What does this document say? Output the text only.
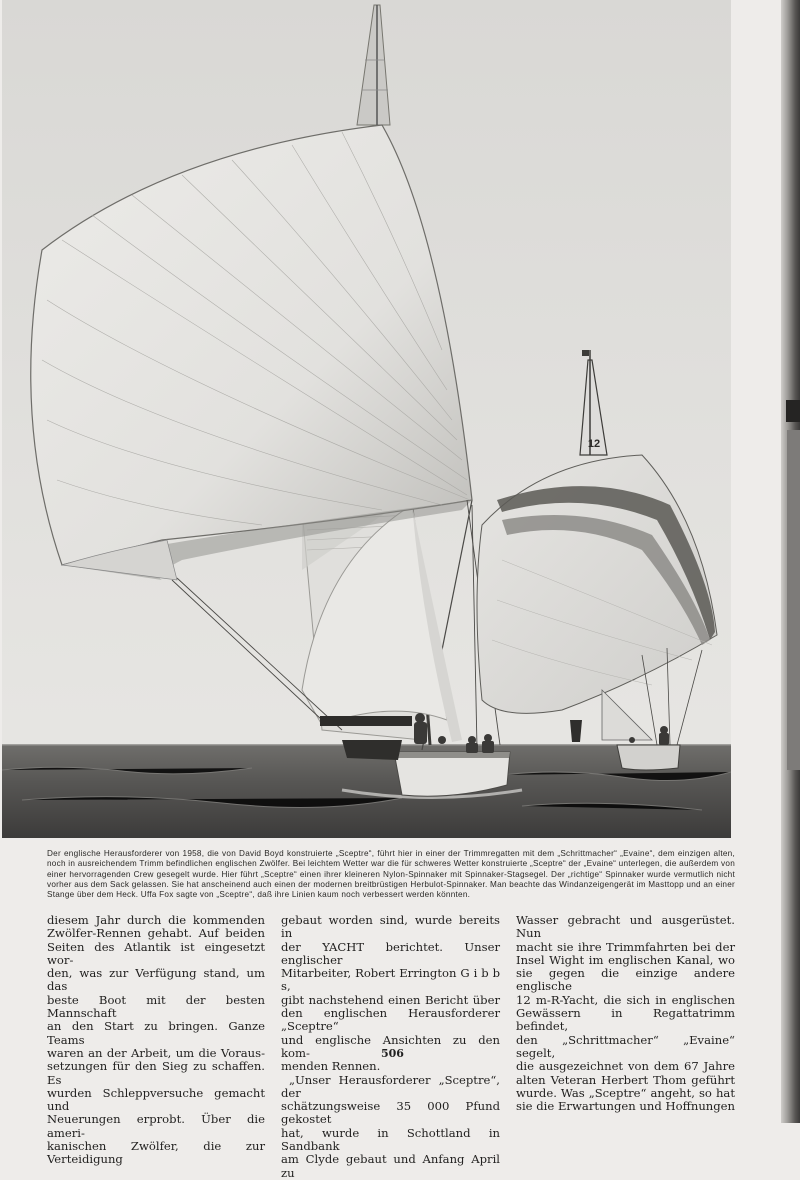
12

Der englische Herausforderer von 1958, die von David Boyd konstruierte „Sceptre“, führt hier in einer der Trimmregatten mit dem „Schrittmacher“ „Evaine“, dem einzigen alten, noch in ausreichendem Trimm befindlichen englischen Zwölfer. Bei leichtem Wetter war die für schweres Wetter konstruierte „Sceptre“ der „Evaine“ unterlegen, die außerdem von einer hervorragenden Crew gesegelt wurde. Hier führt „Sceptre“ einen ihrer kleineren Nylon-Spinnaker mit Spinnaker-Stagsegel. Der „richtige“ Spinnaker wurde vermutlich nicht vorher aus dem Sack gelassen. Sie hat anscheinend auch einen der modernen breitbrüstigen Herbulot-Spinnaker. Man beachte das Windanzeigengerät im Masttopp und an einer Stange über dem Heck. Uffa Fox sagte von „Sceptre“, daß ihre Linien kaum noch verbessert werden könnten.

diesem Jahr durch die kommenden
Zwölfer-Rennen gehabt. Auf beiden
Seiten des Atlantik ist eingesetzt wor-
den, was zur Verfügung stand, um das
beste Boot mit der besten Mannschaft
an den Start zu bringen. Ganze Teams
waren an der Arbeit, um die Voraus-
setzungen für den Sieg zu schaffen. Es
wurden Schleppversuche gemacht und
Neuerungen erprobt. Über die ameri-
kanischen Zwölfer, die zur Verteidigung

gebaut worden sind, wurde bereits in
der YACHT berichtet. Unser englischer
Mitarbeiter, Robert Errington G i b b s,
gibt nachstehend einen Bericht über
den englischen Herausforderer „Sceptre“
und englische Ansichten zu den kom-
menden Rennen.
„Unser Herausforderer „Sceptre“, der
schätzungsweise 35 000 Pfund gekostet
hat, wurde in Schottland in Sandbank
am Clyde gebaut und Anfang April zu

Wasser gebracht und ausgerüstet. Nun
macht sie ihre Trimmfahrten bei der
Insel Wight im englischen Kanal, wo
sie gegen die einzige andere englische
12 m-R-Yacht, die sich in englischen
Gewässern in Regattatrimm befindet,
den „Schrittmacher“ „Evaine“ segelt,
die ausgezeichnet von dem 67 Jahre
alten Veteran Herbert Thom geführt
wurde. Was „Sceptre“ angeht, so hat
sie die Erwartungen und Hoffnungen

506
